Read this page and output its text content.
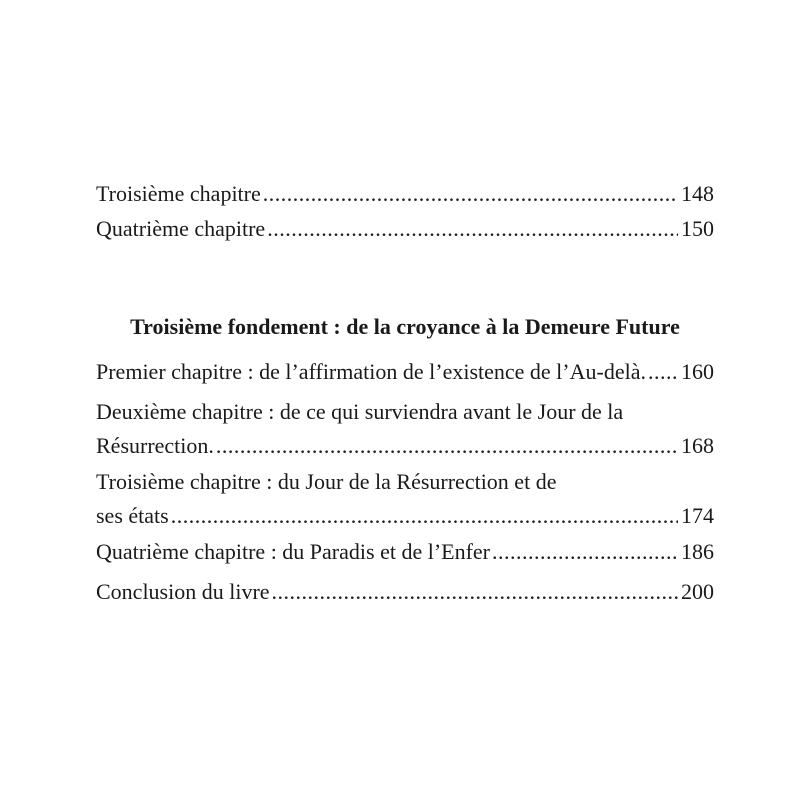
Troisième chapitre .....	148
Quatrième chapitre .....	150
Troisième fondement : de la croyance à la Demeure Future
Premier chapitre : de l’affirmation de l’existence de l’Au-delà. ..... 160
Deuxième chapitre : de ce qui surviendra avant le Jour de la
Résurrection. .....	168
Troisième chapitre : du Jour de la Résurrection et de
ses états .....	174
Quatrième chapitre : du Paradis et de l’Enfer .....	186
Conclusion du livre .....	200
